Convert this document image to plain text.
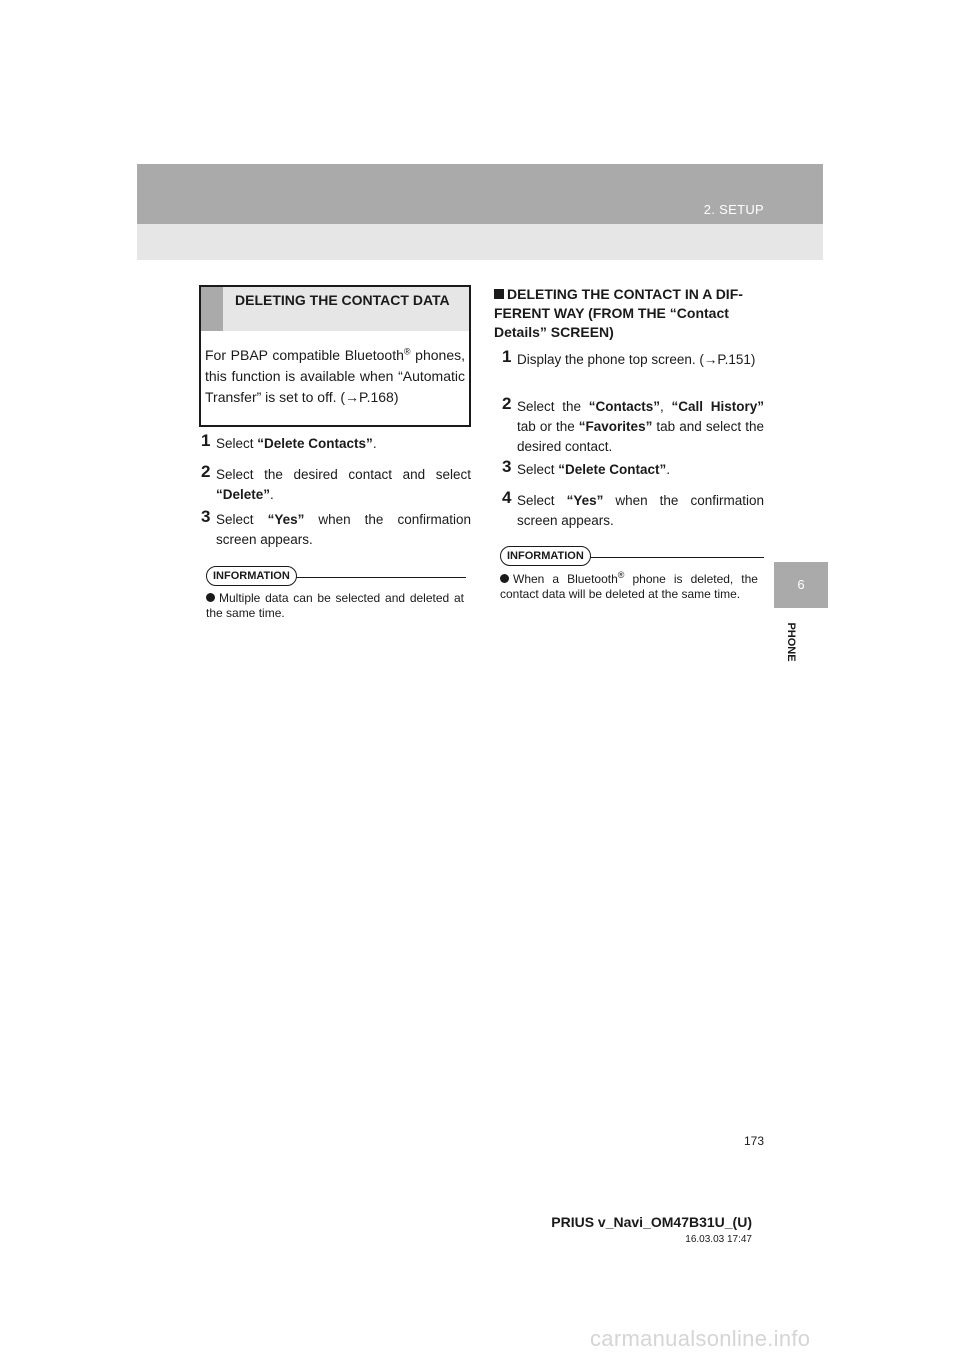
2. SETUP
6
PHONE
DELETING THE CONTACT DATA
For PBAP compatible Bluetooth® phones, this function is available when “Automatic Transfer” is set to off. (→P.168)
1 Select “Delete Contacts”.
2 Select the desired contact and select “Delete”.
3 Select “Yes” when the confirmation screen appears.
INFORMATION
Multiple data can be selected and deleted at the same time.
DELETING THE CONTACT IN A DIF-FERENT WAY (FROM THE “Contact Details” SCREEN)
1 Display the phone top screen. (→P.151)
2 Select the “Contacts”, “Call History” tab or the “Favorites” tab and select the desired contact.
3 Select “Delete Contact”.
4 Select “Yes” when the confirmation screen appears.
INFORMATION
When a Bluetooth® phone is deleted, the contact data will be deleted at the same time.
173
PRIUS v_Navi_OM47B31U_(U)
16.03.03 17:47
carmanualsonline.info
